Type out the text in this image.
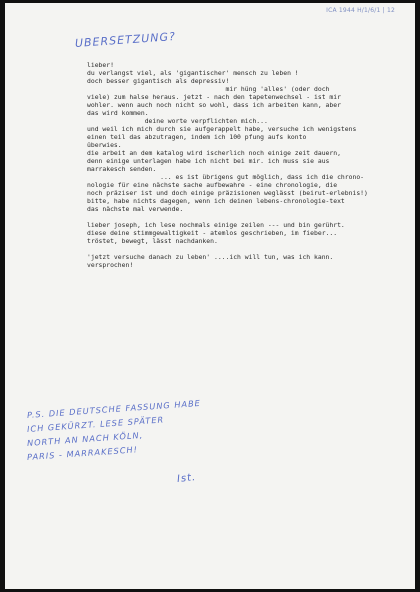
ICA 1944 H/1/6/1 | 12
UBERSETZUNG?
lieber!
du verlangst viel, als 'gigantischer' mensch zu leben !
doch besser gigantisch als depressiv!
mir hüng 'alles' (oder doch
viele) zum halse heraus. jetzt - nach den tapetenwechsel - ist mir
wohler. wenn auch noch nicht so wohl, dass ich arbeiten kann, aber
das wird kommen.
deine worte verpflichten mich...
und weil ich mich durch sie aufgerappelt habe, versuche ich wenigstens
einen teil das abzutragen, indem ich 100 pfung aufs konto
überwies.
die arbeit an dem katalog wird ischerlich noch einige zeit dauern,
denn einige unterlagen habe ich nicht bei mir. ich muss sie aus
marrakesch senden.
... es ist übrigens gut möglich, dass ich die chrono-
nologie für eine nächste sache aufbewahre - eine chronologie, die
noch präziser ist und doch einige präzisionen weglässt (beirut-erlebnis!)
bitte, habe nichts dagegen, wenn ich deinen lebens-chronologie-text
das nächste mal verwende.
lieber joseph, ich lese nochmals einige zeilen --- und bin gerührt.
diese deine stimmgewaltigkeit - atemlos geschrieben, im fieber...
tröstet, bewegt, lässt nachdanken.
'jetzt versuche danach zu leben' ....ich will tun, was ich kann.
versprochen!
P.S. DIE DEUTSCHE FASSUNG HABE
ICH GEKÜRZT. LESE SPÄTER
NORTH AN NACH KÖLN,
PARIS - MARRAKESCH!
Ist.
